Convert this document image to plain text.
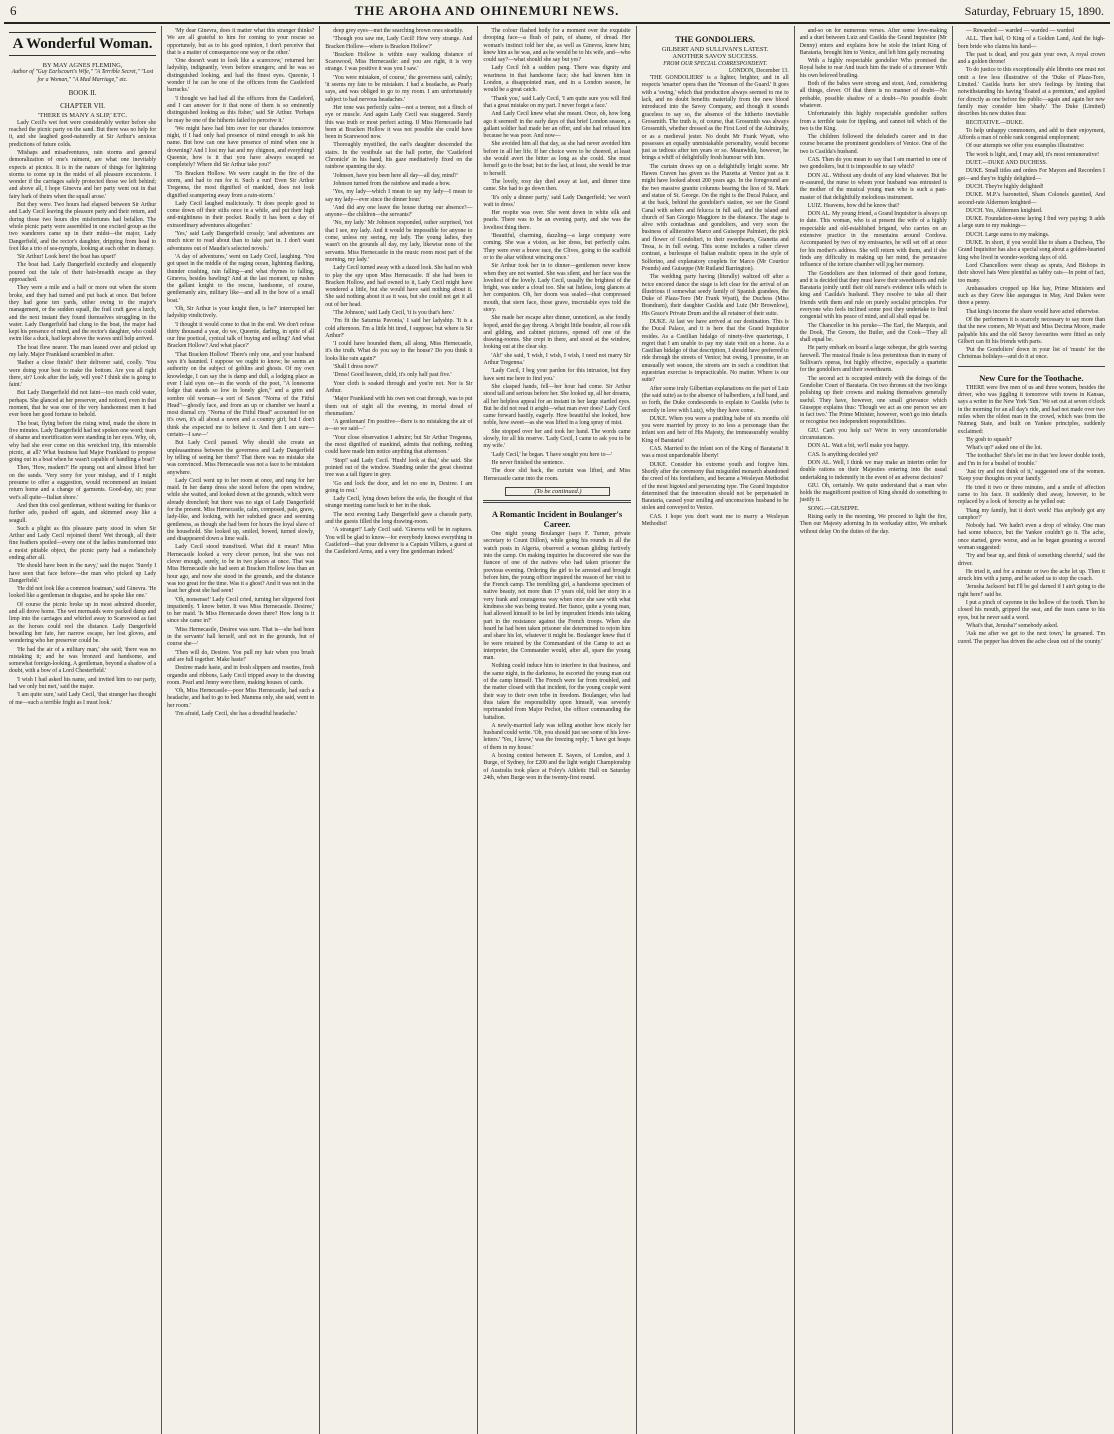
6	THE AROHA AND OHINEMURI NEWS.	Saturday, February 15, 1890.
A Wonderful Woman.
BY MAY AGNES FLEMING,
Author of "Guy Earlscourt's Wife," "A Terrible Secret," "Lost for a Woman," "A Mad Marriage," etc.
BOOK II.
CHAPTER VII.
'THERE IS MANY A SLIP,' ETC.

Lady Cecil's wet feet were considerably wetter before she reached the picnic party on the sand. But there was no help for it, and she laughed good-naturedly at Sir Arthur's anxious predictions of future colds.

'Mishaps and misadventures, rain storms and general demoralization of one's raiment, are what one inevitably expects at picnics. It is in the nature of things for lightning storms to come up in the midst of all pleasure excursions. I wonder if the carriages safely protected those we left behind; and above all, I hope Ginevra and her party went out in that fairy bark of theirs when the squall arose.'

But they were. Two hours had elapsed between Sir Arthur and Lady Cecil leaving the pleasure party and their return, and during those two hours dire misfortunes had befallen. The whole picnic party were assembled in one excited group as the two wanderers came up in their midst—the major, Lady Dangerfield, and the rector's daughter, dripping from head to foot like a trio of sea-nymphs, looking at each other in dismay.

'Sir Arthur! Look here! the boat has upset!'

The boat had. Lady Dangerfield excitedly and eloquently poured out the tale of their hair-breadth escape as they approached.

They were a mile and a half or more out when the storm broke, and they had turned and put back at once. But before they had gone ten yards, either owing to the major's management, or the sudden squall, the frail craft gave a lurch, and the next instant they found themselves struggling in the water. Lady Dangerfield had clung to the boat, the major had kept his presence of mind, and the rector's daughter, who could swim like a duck, had kept above the waves until help arrived.

The boat flew nearer. The man leaned over and picked up my lady. Major Frankland scrambled in after.

'Rather a close finish!' their deliverer said, coolly. 'You were doing your best to make the bottom. Are you all right there, sir? Look after the lady, will you? I think she is going to faint.'

But Lady Dangerfield did not faint—too much cold water, perhaps. She glanced at her preserver, and noticed, even in that moment, that he was one of the very handsomest men it had ever been her good fortune to behold.

The boat, flying before the rising wind, made the shore in five minutes. Lady Dangerfield had not spoken one word; tears of shame and mortification were standing in her eyes. Why, oh, why had she ever come on this wretched trip, this miserable picnic, at all? What business had Major Frankland to propose going out in a boat when he wasn't capable of handling a boat?

Then, 'How, madam?' He sprang out and almost lifted her on the sands. 'Very sorry for your mishap, and if I might presume to offer a suggestion, would recommend an instant return home and a change of garments. Good-day, sir; your wet's all quite—Italian shore.'

And then this cool gentleman, without waiting for thanks or further ado, pushed off again, and skimmed away like a seagull.

Such a plight as this pleasure party stood in when Sir Arthur and Lady Cecil rejoined them! Wet through, all their fine feathers spoiled—every one of the ladies transformed into a moist pitiable object, the picnic party had a melancholy ending after all.

'He should have been in the navy,' said the major. 'Surely I have seen that face before—the man who picked up Lady Dangerfield.'

'He did not look like a common boatman,' said Ginevra. 'He looked like a gentleman in disguise, and he spoke like one.'

Of course the picnic broke up in most admired disorder, and all drove home. The wet mermaids were packed damp and limp into the carriages and whirled away to Scarswood as fast as the horses could reel the distance. Lady Dangerfield bewailing her fate, her narrow escape, her lost gloves, and wondering who her preserver could be.

'He had the air of a military man,' she said; 'there was no mistaking it; and he was bronzed and handsome, and somewhat foreign-looking. A gentleman, beyond a shadow of a doubt, with a bow of a Lord Chesterfield.'

'I wish I had asked his name, and invited him to our party, had we only but met,' said the major.

'I am quite sure,' said Lady Cecil, 'that stranger has thought of me—such a terrible fright as I must look.'

'My dear Ginevra, does it matter what this stranger thinks? We are all grateful to him for coming to your rescue so opportunely, but as to his good opinion, I don't perceive that that is a matter of consequence one way or the other.'

'One doesn't want to look like a scarecrow,' returned her ladyship, indignantly, 'even before strangers; and he was so distinguished looking, and had the finest eyes. Queenie, I wonder if he can be one of the officers from the Castleford barracks.'

'I thought we had had all the officers from the Castleford, and I can answer for it that none of them is so eminently distinguished looking as this fisher,' said Sir Arthur. 'Perhaps he may be one of the hitherto failed to perceive it.'

'We might have had him over for our charades tomorrow night, if I had only had presence of mind enough to ask his name. But how can one have presence of mind when one is drowning? And I lost my hat and my chignon, and everything! Queenie, how is it that you have always escaped so completely? Where did Sir Arthur take you?'

'To Bracken Hollow. We were caught in the fire of the storm, and had to run for it. Such a run! Even Sir Arthur Tregenna, the most dignified of mankind, does not look dignified scampering away from a rain-storm.'

Lady Cecil laughed maliciously. 'It does people good to come down off their stilts once in a while, and put their high and-mightiness in their pocket. Really it has been a day of extraordinary adventures altogether.'

'Yes,' said Lady Dangerfield crossly; 'and adventures are much nicer to read about than to take part in. I don't want adventures out of Maudie's selected novels.'

'A day of adventures,' went on Lady Cecil, laughing. 'You got upset in the middle of the raging ocean, lightning flashing, thunder crashing, rain falling—and what rhymes to falling, Ginevra, besides bawling? And at the last moment, up rushes the gallant knight to the rescue, handsome, of course, gentlemanly airs, military like—and all in the bow of a small boat.'

'Oh, Sir Arthur is your knight then, is he?' interrupted her ladyship vindictively.

'I thought it would come to that in the end. We don't refuse thirty thousand a year, do we, Queenie, darling, in spite of all our fine poetical, cynical talk of buying and selling? And what Bracken Hollow? And what place?'

'That Bracken Hollow! There's only one, and your husband says it's haunted. I suppose we ought to know; he seems an authority on the subject of goblins and ghosts. Of my own knowledge, I can say the is damp and dull, a lodging place as ever I laid eyes on—in the words of the poet, "A lonesome lodge that stands so low in lonely glen," and a grim and sombre old woman—a sort of Saxon "Norna of the Fitful Head"—ghostly face, and from an up or chamber we heard a most dismal cry. "Norna of the Fitful Head" accounted for on it's own, it's all about a raven and a country girl; but I don't think she expected me to believe it. And then I am sure—certain—I saw—'

But Lady Cecil paused. Why should she create an unpleasantness between the governess and Lady Dangerfield by telling of seeing her there? That there was no mistake she was convinced. Miss Hernecastle was not a face to be mistaken anywhere.

Lady Cecil went up to her room at once, and rang for her maid. In her damp dress she stood before the open window, while she waited, and looked down at the grounds, which were already drenched; but there was no sign of Lady Dangerfield for the present. Miss Hernecastle, calm, composed, pale, grave, lady-like, and looking, with her subdued grace and seeming gentleness, as though she had been for hours the loyal slave of the household. She looked up, smiled, bowed, turned slowly, and disappeared down a lime walk.

Lady Cecil stood transfixed. What did it mean? Miss Hernecastle looked a very clever person, but she was not clever enough, surely, to be in two places at once. That was Miss Hernecastle she had seen at Bracken Hollow less than an hour ago, and now she stood in the grounds, and the distance was too great for the time. Was it a ghost? And it was not in the least her ghost she had seen!

'Oh, nonsense!' Lady Cecil cried, turning her slippered foot impatiently. 'I know better. It was Miss Hernecastle. Desiree,' to her maid. 'Is Miss Hernecastle down there? How long is it since she came in?'

'Miss Hernecastle, Desiree was sure. That is—she had been in the servants' hall herself, and not in the grounds, but of course she—'

'Then will do, Desiree. You pull my hair when you brush and are full together. Make haste!'

Desiree made haste, and in fresh slippers and rosettes, fresh organdie and ribbons, Lady Cecil tripped away to the drawing room. Pearl and Jenny were there, making houses of cards.

'Oh, Miss Hernecastle—poor Miss Hernecastle, had such a headache, and had to go to bed. Mamma only, she said, went to her room.'

'I'm afraid, Lady Cecil, she has a dreadful headache.'

deep grey eyes—met the searching brown ones steadily.

'Though you saw me, Lady Cecil! How very strange. And Bracken Hollow—where is Bracken Hollow?'

'Bracken Hollow is within easy walking distance of Scarswood, Miss Hernecastle: and you are right, it is very strange. I was positive it was you I saw.'

'You were mistaken, of course,' the governess said, calmly; 'it seems my fate to be mistaken. I had a headache, as Pearly says, and was obliged to go to my room. I am unfortunately subject to bad nervous headaches.'

Her tone was perfectly calm—not a tremor, not a flinch of eye or muscle. And again Lady Cecil was staggered. Surely this was truth or most perfect acting. If Miss Hernecastle had been at Bracken Hollow it was not possible she could have been in Scarswood now.

Thoroughly mystified, the earl's daughter descended the stairs. In the vestibule sat the hall porter, the 'Castleford Chronicle' in his hand, his gaze meditatively fixed on the rainbow spanning the sky.

'Johnson, have you been here all day—all day, mind?'

Johnson turned from the rainbow and made a bow.

'Yes, my lady—which I mean to say my lady—I mean to say my lady—ever since the dinner hour.'

'And did any one leave the house during our absence?—anyone—the children—the servants?'

'No, my lady.' Mr Johnson responded, rather surprised, 'not that I see, my lady. And it would be impossible for anyone to come, unless my seeing, my lady. The young ladies, they wasn't on the grounds all day, my lady, likewise none of the servants. Miss Hernecastle in the music room most part of the morning, my lady.'

Lady Cecil turned away with a dazed look. She had no wish to play the spy upon Miss Hernecastle. If she had been to Bracken Hollow, and had owned to it, Lady Cecil might have wondered a little, but she would have said nothing about it. She said nothing about it as it was, but she could not get it all out of her head.

'The Johnson,' said Lady Cecil, 'it is you that's here.'

'I'm fit the Saturnia Pavonia,' I said her ladyship. 'It is a cold afternoon. I'm a little bit tired, I suppose; but where is Sir Arthur?'

'I could have hounded them, all along, Miss Hernecastle, it's the truth. What do you say to the house? Do you think it looks like rain again?'

'Shall I dress now?'

'Dress! Good heaven, child, it's only half past five.'

Your cloth is soaked through and you're not. Nor is Sir Arthur.

'Major Frankland with his own wet coat through, was to put them out of sight all the evening, in mortal dread of rheumatism.'

'A gentleman! I'm positive—there is no mistaking the air of a—so we said—'

'Your close observation I admire; but Sir Arthur Tregenna, the most dignified of mankind, admits that nothing, nothing could have made him notice anything that afternoon.'

'Stop!' said Lady Cecil. 'Hush! look at that,' she said. She pointed out of the window. Standing under the great chestnut tree was a tall figure in grey.

'Go and lock the door, and let no one in, Desiree. I am going to rest.'

Lady Cecil, lying down before the sofa, the thought of that strange meeting came back to her in the dusk.

The next evening Lady Dangerfield gave a charade party, and the guests filled the long drawing-room.

'A stranger!' Lady Cecil said. 'Ginevra will be in raptures. You will be glad to know—for everybody knows everything in Castleford—that your deliverer is a Captain Villiers, a guest at the Castleford Arms, and a very fine gentleman indeed.'

The colour flashed hotly for a moment over the exquisite drooping face—a flush of pain, of shame, of dread. Her woman's instinct told her she, as well as Ginevra, knew him; knew him as he was, and as he would be to his wife, and—who could say?—what should she say but yes?

Lady Cecil felt a sudden pang. There was dignity and weariness in that handsome face; she had known him in London, a disappointed man, and in a London season, he would be a great catch.

'Thank you,' said Lady Cecil, 'I am quite sure you will find that a great mistake on my part. I never forget a face.'

And Lady Cecil knew what she meant. Once, oh, how long ago it seemed! in the early days of that brief London season, a gallant soldier had made her an offer, and she had refused him because he was poor. And now—

She avoided him all that day, as she had never avoided him before in all her life. If her choice were to be cheered, at least she would avert the bitter as long as she could. She must herself go to the boat; but to the last, at least, she would be true to herself.

The lovely, rosy day died away at last, and dinner time came. She had to go down then.

'It's only a dinner party,' said Lady Dangerfield; 'we won't wait to dress.'

Her respite was over. She went down in white silk and pearls. There was to be an evening party, and she was the loveliest thing there.

'Beautiful, charming, dazzling—a large company were coming. She was a vision, as her dress, but perfectly calm. They were ever a brave race, the Clives, going to the scaffold or to the altar without wincing once.'

Sir Arthur took her in to dinner—gentlemen never know when they are not wanted. She was silent, and her face was the loveliest of the lovely. Lady Cecil, usually the brightest of the bright, was under a cloud too. She sat listless, long glances at her companion. Oh, her doom was sealed—that compressed mouth, that stern face, those grave, inscrutable eyes told the story.

She made her escape after dinner, unnoticed, as she fondly hoped, amid the gay throng. A bright little boudoir, all rose silk and gilding, and cabinet pictures, opened off one of the drawing-rooms. She crept in there, and stood at the window, looking out at the clear sky.

'Ah!' she said, 'I wish, I wish, I wish, I need not marry Sir Arthur Tregenna.'

'Lady Cecil, I beg your pardon for this intrusion, but they have sent me here to find you.'

She clasped hands, fell—her hour had come. Sir Arthur stood tall and serious before her. She looked up, all her dreams, all her helpless appeal for an instant in her large startled eyes. But he did not read it aright—what man ever does? Lady Cecil came forward hastily, eagerly. How beautiful she looked, how noble, how sweet—as she was lifted in a long spray of mist.

She stopped over her and took her hand. The words came slowly, for all his reserve. 'Lady Cecil, I came to ask you to be my wife.'

'Lady Cecil,' he began. 'I have sought you here to—'

He never finished the sentence.

The door slid back, the curtain was lifted, and Miss Hernecastle came into the room.

(To be continued.)
A Romantic Incident in Boulanger's Career.

One night young Boulanger (says F. Turner, private secretary to Count Dillon), while going his rounds in all the watch posts in Algeria, observed a woman gliding furtively into the camp. On making inquiries he discovered she was the fiancee of one of the natives who had taken prisoner the previous evening. Ordering the girl to be arrested and brought before him, the young officer inquired the reason of her visit to the French camp. The trembling girl, a handsome specimen of native beauty, not more than 17 years old, told her story in a very frank and courageous way when once she saw with what kindness she was being treated. Her fiance, quite a young man, had allowed himself to be led by imprudent friends into taking part in the resistance against the French troops. When she heard he had been taken prisoner she determined to rejoin him and share his lot, whatever it might be. Boulanger knew that if he were retained by the Commandant of the Camp to act as interpreter, the Commander would, after all, spare the young man.

Nothing could induce him to interfere in that business, and the same night, in the darkness, he escorted the young man out of the camp himself. The French were far from troubled, and the matter closed with that incident, for the young couple went their way to their own tribe in freedom. Boulanger, who had thus taken the responsibility upon himself, was severely reprimanded from Major Pechot, the officer commanding the battalion.

A newly-married lady was telling another how nicely her husband could write. 'Oh, you should just see some of his love-letters.' 'Yes, I know,' was the freezing reply; 'I have got heaps of them in my house.'

A boxing contest between E. Sayers, of London, and J. Burge, of Sydney, for £200 and the light weight Championship of Australia took place at Foley's Athletic Hall on Saturday 24th, when Burge won in the twenty-first round.

THE GONDOLIERS.
GILBERT AND SULLIVAN'S LATEST.
ANOTHER SAVOY SUCCESS.
FROM OUR SPECIAL CORRESPONDENT.
LONDON, December 13.

'THE GONDOLIERS' is a lighter, brighter, and in all respects 'smarter' opera than the 'Yeoman of the Guard.' It goes with a 'swing,' which that production always seemed to me to lack, and no doubt benefits materially from the new blood introduced into the Savoy Company, and though it sounds graceless to say so, the absence of the hitherto inevitable Grossmith. The truth is, of course, that Grossmith was always Grossmith, whether dressed as the First Lord of the Admiralty, or as a medieval jester. No doubt Mr Frank Wyatt, who possesses an equally unmistakable personality, would become just as tedious after ten years or so. Meanwhile, however, he brings a whiff of delightfully fresh humour with him.

The curtain draws up on a delightfully bright scene. Mr Hawes Craven has given us the Piazetta at Venice just as it might have looked about 200 years ago. In the foreground are the two massive granite columns bearing the lion of St. Mark and statue of St. George. On the right is the Ducal Palace, and at the back, behind the gondolier's station, we see the Grand Canal with sebers and felucca in full sail, and the island and church of San Giorgio Maggiore in the distance. The stage is alive with contadinas and gondoliers, and very soon the business of alliterative Marco and Guiseppe Palmieri, the pick and flower of Gondolieri, to their sweethearts, Gianetta and Tessa, is in full swing. This scene includes a rather clever contrast, a burlesque of Italian realistic opera in the style of Solferino, and explanatory couplets for Marco (Mr Courtice Pounds) and Guiseppe (Mr Rutland Barrington).

The wedding party having (literally) waltzed off after a twice encored dance the stage is left clear for the arrival of an illustrious if somewhat seedy family of Spanish grandees, the Duke of Plaza-Toro (Mr Frank Wyatt), the Duchess (Miss Brandram), their daughter Casilda and Luiz (Mr Brownlow), His Grace's Private Drum and the all retainer of their suite.

DUKE. At last we have arrived at our destination. This is the Ducal Palace, and it is here that the Grand Inquisitor resides. As a Castilian hidalgo of ninety-five quarterings, I regret that I am unable to pay my state visit on a horse. As a Castilian hidalgo of that description, I should have preferred to ride through the streets of Venice; but owing, I presume, to an unusually wet season, the streets are in such a condition that equestrian exercise is impracticable. No matter. Where is our suite?

After some truly Gilbertian explanations on the part of Luiz (the said suite) as to the absence of halberdiers, a full band, and so forth, the Duke condescends to explain to Casilda (who is secretly in love with Luiz), why they have come.

DUKE. When you were a prattling babe of six months old you were married by proxy to no less a personage than the infant son and heir of His Majesty, the immeasurably wealthy King of Barataria!

CAS. Married to the infant son of the King of Barataria! It was a most unpardonable liberty!

DUKE. Consider his extreme youth and forgive him. Shortly after the ceremony that misguided monarch abandoned the creed of his forefathers, and became a Wesleyan Methodist of the most bigoted and persecuting type. The Grand Inquisitor determined that the innovation should not be perpetuated in Barataria, caused your smiling and unconscious husband to be stolen and conveyed to Venice.

CAS. I hope you don't want me to marry a Wesleyan Methodist!

and-so on for numerous verses. After some love-making and a duet between Luiz and Casilda the Grand Inquisitor (Mr Denny) enters and explains how he stole the infant King of Barataria, brought him to Venice, and left him gaily recreating

With a highly respectable gondolier Who promised the Royal babe to rear And teach him the trade of a timoneer With his own beloved bratling.

Both of the babes were strong and stout, And, considering all things, clever. Of that there is no manner of doubt—No probable, possible shadow of a doubt—No possible doubt whatever.

Unfortunately this highly respectable gondolier suffers from a terrible taste for tippling, and cannot tell which of the two is the King.

The children followed the deluded's career and in due course became the prominent gondoliers of Venice. One of the two is Casilda's husband.

CAS. Then do you mean to say that I am married to one of two gondoliers, but it is impossible to say which?

DON AL. Without any doubt of any kind whatever. But be re-assured, the nurse to whom your husband was entrusted is the mother of the musical young man who is such a past-master of that delightfully melodious instrument.

LUIZ. Heavens, how did he know that?

DON AL. My young friend, a Grand Inquisitor is always up to date. This woman, who is at present the wife of a highly respectable and old-established brigand, who carries on an extensive practice in the mountains around Cordova. Accompanied by two of my emissaries, he will set off at once for his mother's address. She will return with them, and if she finds any difficulty in making up her mind, the persuasive influence of the torture chamber will jog her memory.

The Gondoliers are then informed of their good fortune, and it is decided that they must leave their sweethearts and rule Barataria jointly until their old nurse's evidence tells which is king and Casilda's husband. They resolve to take all their friends with them and rule on purely socialist principles. For everyone who feels inclined some post they undertake to find congenial with his peace of mind, and all shall equal be.

The Chancellor in his peruke—The Earl, the Marquis, and the Dook, The Groom, the Butler, and the Cook—They all shall equal be.

He party embark on board a large xebeque, the girls waving farewell. The musical finale is less pretentious than in many of Sullivan's operas, but highly effective, especially a quartette for the gondoliers and their sweethearts.

The second act is occupied entirely with the doings of the Gondolier Court of Barataria. On two thrones sit the two kings polishing up their crowns and making themselves generally useful. They have, however, one small grievance which Giuseppe explains thus: 'Though we act as one person we are in fact two.' The Prime Minister, however, won't go into details or recognise two independent responsibilities.

GIU. Can't you help us? We're in very uncomfortable circumstances.

DON AL. Wait a bit, we'll make you happy.

CAS. Is anything decided yet?

DON AL. Well, I think we may make an interim order for double rations on their Majesties entering into the usual undertaking to indemnify in the event of an adverse decision?

GIU. Oh, certainly. We quite understand that a man who holds the magnificent position of King should do something to justify it.

SONG.—GIUSEPPE.

Rising early in the morning, We proceed to light the fire, Then our Majesty adorning In its workaday attire, We embark without delay On the duties of the day.

— Rewarded — warded — warded — warded

ALL. Then hail, O King of a Golden Land, And the high-born bride who claims his hand—

The past is dead, and you gain your own, A royal crown and a golden throne!

To do justice to this exceptionally able libretto one must not omit a few less illustrative of the 'Duke of Plaza-Toro, Limited.' Casilda hurts her sire's feelings by hinting that notwithstanding his having 'floated at a premium,' and applied for directly as one before the public—again and again her new family may consider him 'shady.' The Duke (Limited) describes his new duties thus:

RECITATIVE.—DUKE.

To help unhappy commoners, and add to their enjoyment, Affords a man of noble rank congenial employment;

Of our attempts we offer you examples illustrative:

The work is light, and, I may add, it's most remunerative!

DUET.—DUKE AND DUCHESS.

DUKE. Small titles and orders For Mayors and Recorders I get—and they're highly delighted—

DUCH. They're highly delighted!

DUKE. M.P.'s baronetted, Sham Colonels gazetted, And second-rate Aldermen knighted—

DUCH. Yes, Aldermen knighted.

DUKE. Foundation-stone laying I find very paying; It adds a large sum to my makings—

DUCH. Large sums to my makings.

DUKE. In short, if you would like to sham a Duchess, The Grand Inquisitor has also a special song about a golden-hearted king who lived in wonder-working days of old.

Lord Chancellors were cheap as sprats, And Bishops in their shovel hats Were plentiful as tabby cats—In point of fact, too many.

Ambassadors cropped up like hay, Prime Ministers and such as they Grew like asparagus in May, And Dukes were three a penny.

That king's income the share would have acted otherwise.

Of the performers it is scarcely necessary to say more than that the new comers, Mr Wyatt and Miss Decima Moore, made palpable hits and the old Savoy favourites were fitted as only Gilbert can fit his friends with parts.

'Put the Gondoliers' down in your list of 'musts' for the Christmas holidays—and do it at once.

New Cure for the Toothache.

THERE were five men of us and three women, besides the driver, who was jiggling it tomorrow with towns in Kansas, says a writer in the New York 'Sun.' We set out at seven o'clock in the morning for an all day's ride, and had not made over two miles when the oldest man in the crowd, which was from the Nutmeg State, and built on Yankee principles, suddenly exclaimed:

'By gosh to squash!'

'What's up?' asked one of the lot.

'The toothache! She's let me in that 'ere lower double tooth, and I'm in for a bushel of trouble.'

'Just try and not think of it,' suggested one of the women. 'Keep your thoughts on your family.'

He tried it two or three minutes, and a smile of affection came to his face. It suddenly died away, however, to be replaced by a look of ferocity as he yelled out:

'Hang my family, but it don't work! Has anybody got any camphor?'

Nobody had. 'We hadn't even a drop of whisky. One man had some tobacco, but the Yankee couldn't go it. The ache, once started, grew worse, and as he began groaning a second woman suggested:

'Try and bear up, and think of something cheerful,' said the driver.

He tried it, and for a minute or two the ache let up. Then it struck him with a jump, and he asked us to stop the coach.

'Jerusha Jackson! but I'll be gol darned if I ain't going to die right here!' said he.

I put a pinch of cayenne in the hollow of the tooth. Then he closed his mouth, gripped the seat, and the tears came to his eyes, but he never said a word.

'What's that, Jerusha?' somebody asked.

'Ask me after we get to the next town,' he groaned. 'I'm cured. The pepper has driven the ache clean out of the county.'
